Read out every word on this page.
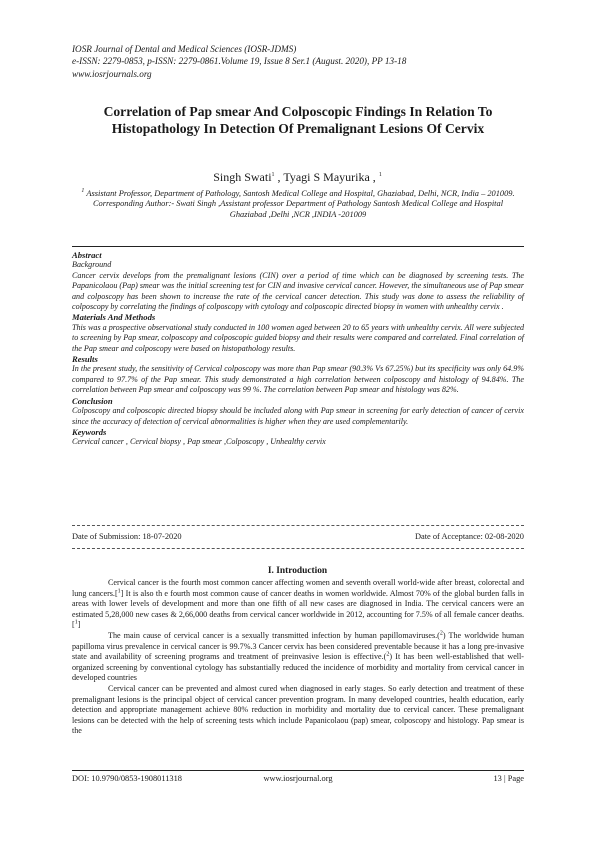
IOSR Journal of Dental and Medical Sciences (IOSR-JDMS)
e-ISSN: 2279-0853, p-ISSN: 2279-0861.Volume 19, Issue 8 Ser.1 (August. 2020), PP 13-18
www.iosrjournals.org
Correlation of Pap smear And Colposcopic Findings In Relation To Histopathology In Detection Of Premalignant Lesions Of Cervix
Singh Swati$^1$ , Tyagi S Mayurika , $^1$
$^1$ Assistant Professor, Department of Pathology, Santosh Medical College and Hospital, Ghaziabad, Delhi, NCR, India – 201009.
Corresponding Author:- Swati Singh ,Assistant professor Department of Pathology Santosh Medical College and Hospital Ghaziabad ,Delhi ,NCR ,INDIA -201009

Abstract

Background

Cancer cervix develops from the premalignant lesions (CIN) over a period of time which can be diagnosed by screening tests. The Papanicolaou (Pap) smear was the initial screening test for CIN and invasive cervical cancer. However, the simultaneous use of Pap smear and colposcopy has been shown to increase the rate of the cervical cancer detection. This study was done to assess the reliability of colposcopy by correlating the findings of colposcopy with cytology and colposcopic directed biopsy in women with unhealthy cervix .

Materials And Methods

This was a prospective observational study conducted in 100 women aged between 20 to 65 years with unhealthy cervix. All were subjected to screening by Pap smear, colposcopy and colposcopic guided biopsy and their results were compared and correlated. Final correlation of the Pap smear and colposcopy were based on histopathology results.

Results

In the present study, the sensitivity of Cervical colposcopy was more than Pap smear (90.3% Vs 67.25%) but its specificity was only 64.9% compared to 97.7% of the Pap smear. This study demonstrated a high correlation between colposcopy and histology of 94.84%. The correlation between Pap smear and colposcopy was 99 %. The correlation between Pap smear and histology was 82%.

Conclusion

Colposcopy and colposcopic directed biopsy should be included along with Pap smear in screening for early detection of cancer of cervix since the accuracy of detection of cervical abnormalities is higher when they are used complementarily.

Keywords

Cervical cancer , Cervical biopsy , Pap smear ,Colposcopy , Unhealthy cervix

Date of Submission: 18-07-2020	Date of Acceptance: 02-08-2020
I. Introduction

Cervical cancer is the fourth most common cancer affecting women and seventh overall world-wide after breast, colorectal and lung cancers.[$^1$] It is also th e fourth most common cause of cancer deaths in women worldwide. Almost 70% of the global burden falls in areas with lower levels of development and more than one fifth of all new cases are diagnosed in India. The cervical cancers were an estimated 5,28,000 new cases & 2,66,000 deaths from cervical cancer worldwide in 2012, accounting for 7.5% of all female cancer deaths.[$^1$]

The main cause of cervical cancer is a sexually transmitted infection by human papillomaviruses.($^2$) The worldwide human papilloma virus prevalence in cervical cancer is 99.7%.3 Cancer cervix has been considered preventable because it has a long pre-invasive state and availability of screening programs and treatment of preinvasive lesion is effective.($^2$) It has been well-established that well-organized screening by conventional cytology has substantially reduced the incidence of morbidity and mortality from cervical cancer in developed countries

Cervical cancer can be prevented and almost cured when diagnosed in early stages. So early detection and treatment of these premalignant lesions is the principal object of cervical cancer prevention program. In many developed countries, health education, early detection and appropriate management achieve 80% reduction in morbidity and mortality due to cervical cancer. These premalignant lesions can be detected with the help of screening tests which include Papanicolaou (pap) smear, colposcopy and histology. Pap smear is the

DOI: 10.9790/0853-1908011318	www.iosrjournal.org	13 | Page
